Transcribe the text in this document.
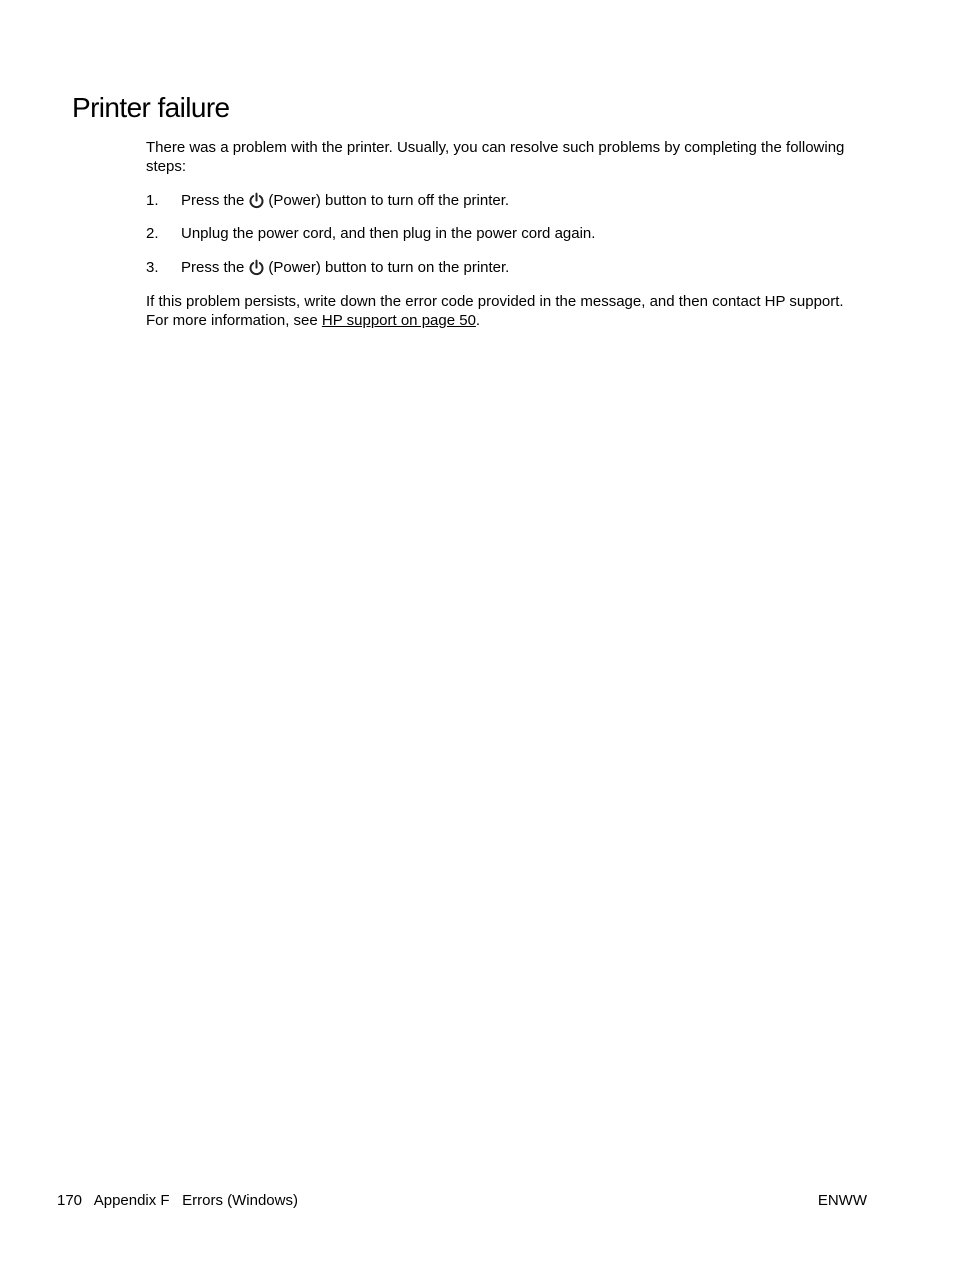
Printer failure

There was a problem with the printer. Usually, you can resolve such problems by completing the following steps:

1. Press the (Power) button to turn off the printer.
2. Unplug the power cord, and then plug in the power cord again.
3. Press the (Power) button to turn on the printer.

If this problem persists, write down the error code provided in the message, and then contact HP support. For more information, see HP support on page 50.

170 Appendix F Errors (Windows)	ENWW
